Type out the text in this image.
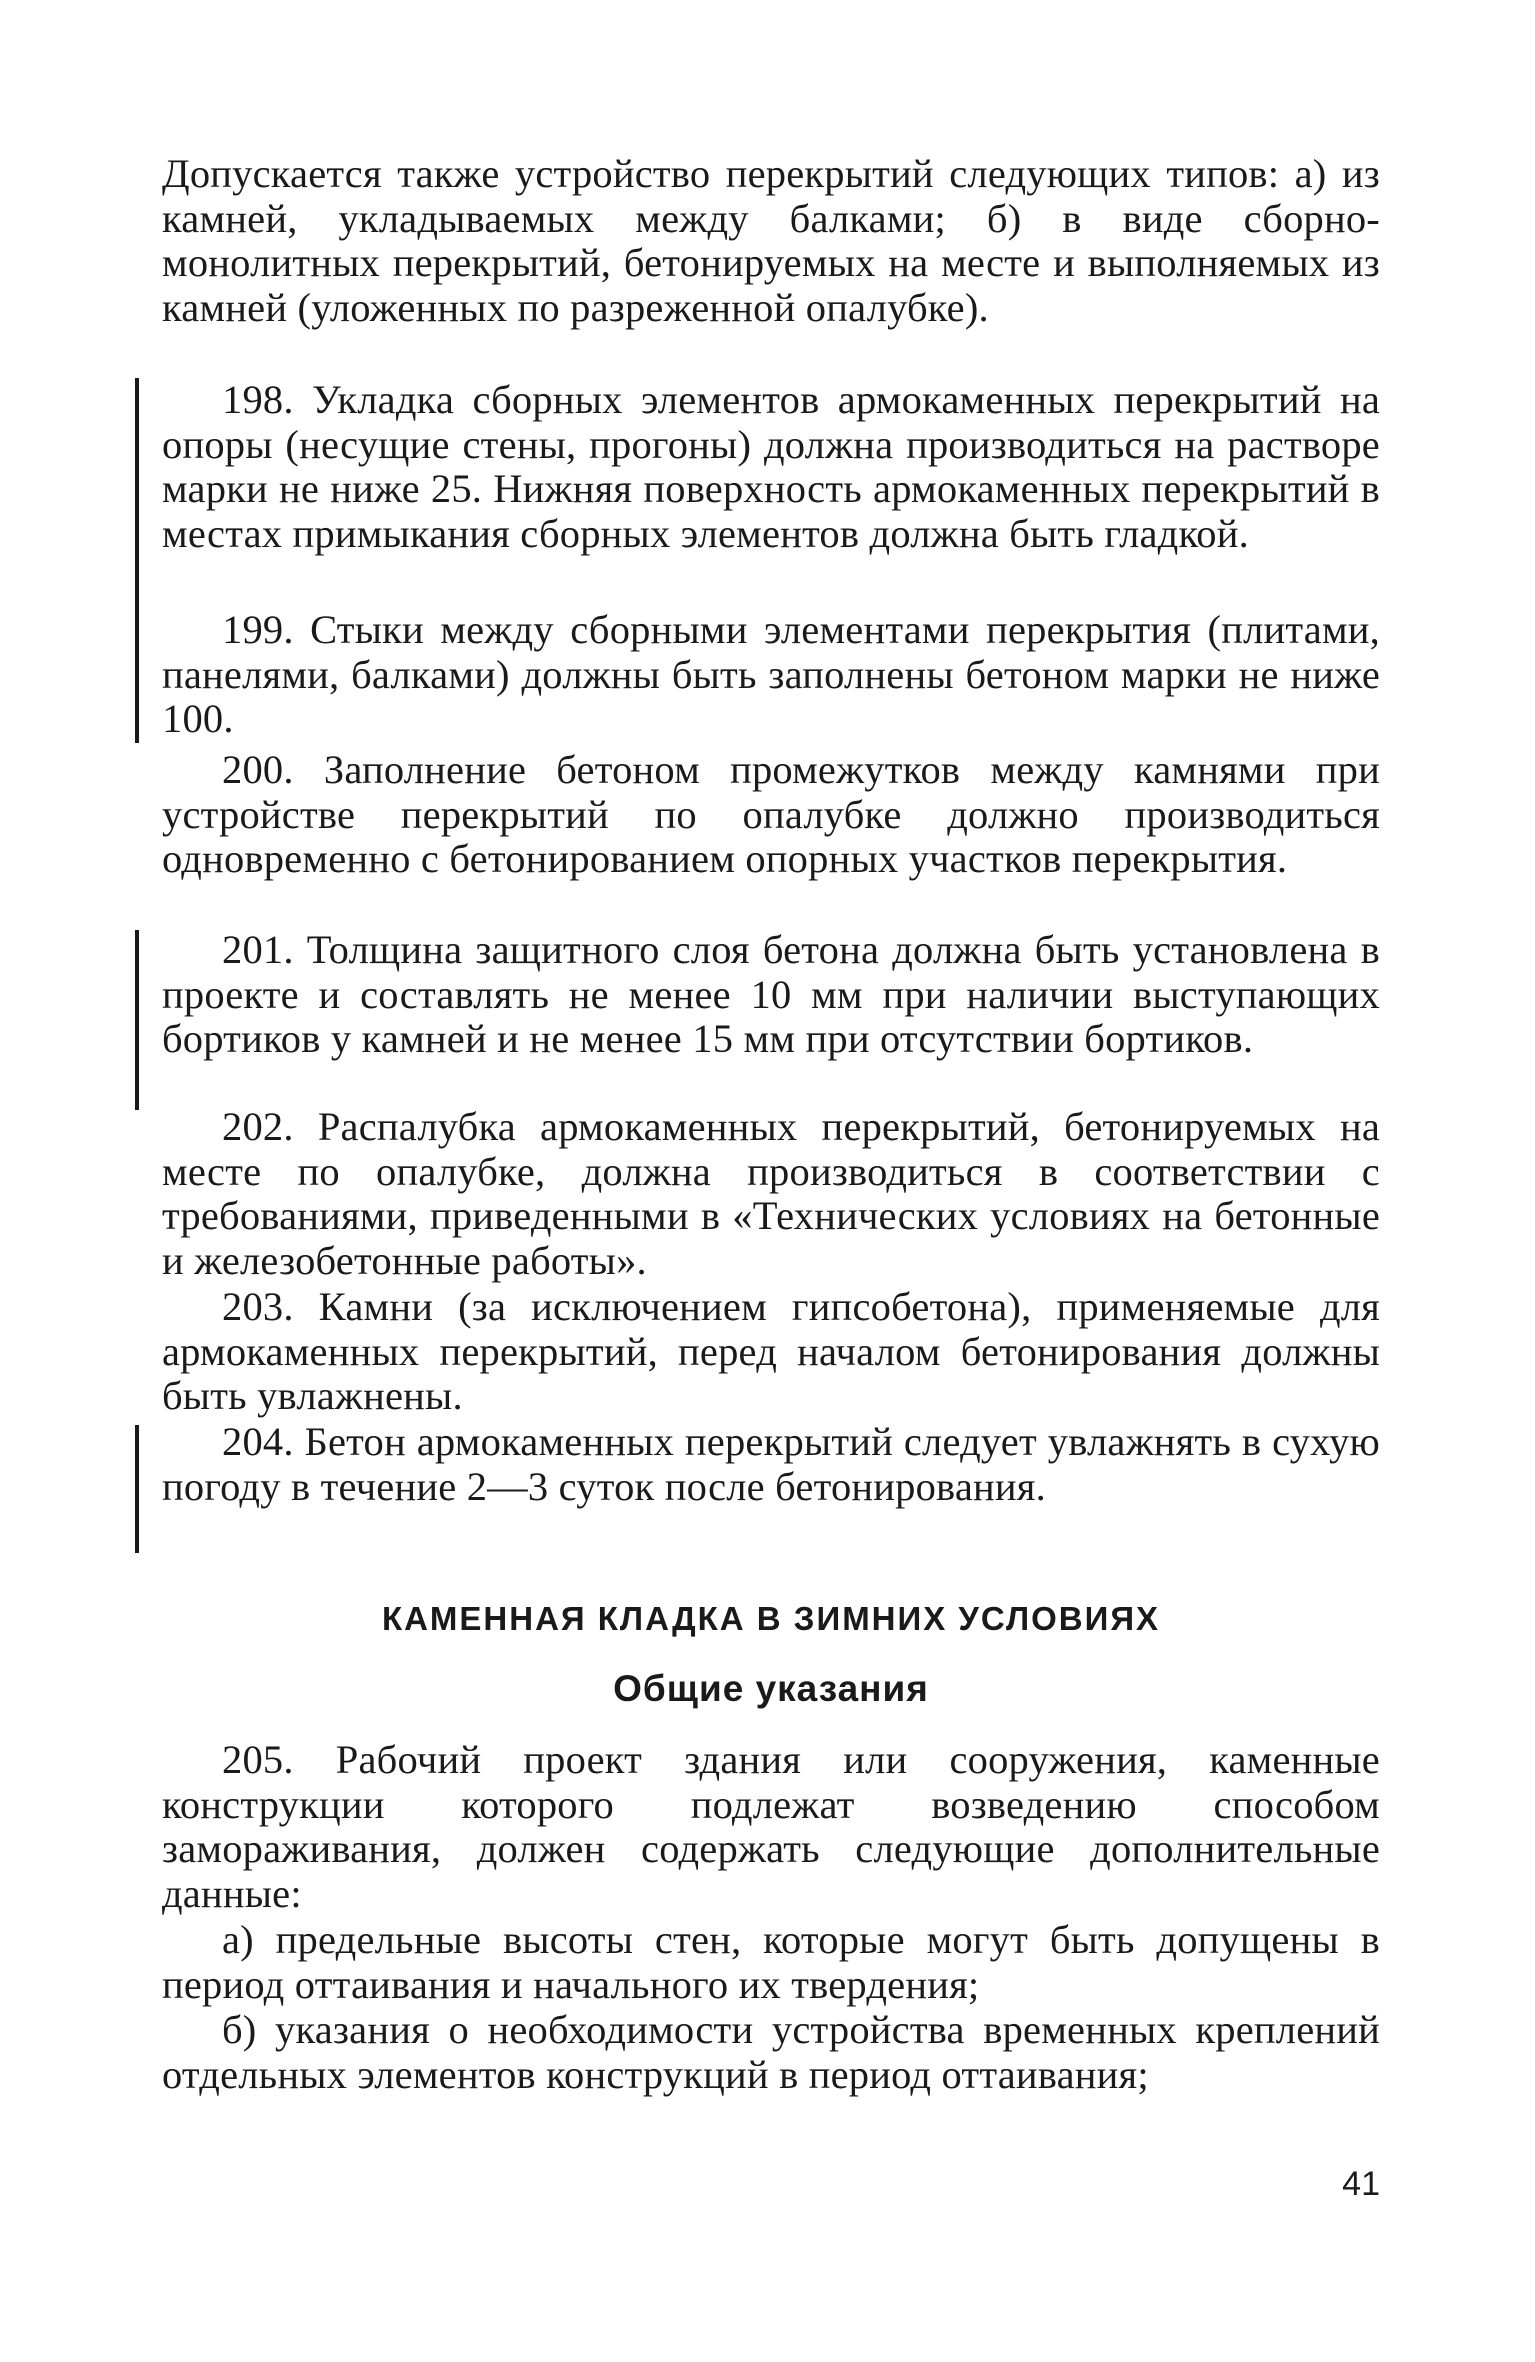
Допускается также устройство перекрытий следующих типов: а) из камней, укладываемых между балками; б) в виде сборно-монолитных перекрытий, бетонируемых на месте и выполняемых из камней (уложенных по разреженной опалубке).

198. Укладка сборных элементов армокаменных перекрытий на опоры (несущие стены, прогоны) должна производиться на растворе марки не ниже 25. Нижняя поверхность армокаменных перекрытий в местах примыкания сборных элементов должна быть гладкой.

199. Стыки между сборными элементами перекрытия (плитами, панелями, балками) должны быть заполнены бетоном марки не ниже 100.

200. Заполнение бетоном промежутков между камнями при устройстве перекрытий по опалубке должно производиться одновременно с бетонированием опорных участков перекрытия.

201. Толщина защитного слоя бетона должна быть установлена в проекте и составлять не менее 10 мм при наличии выступающих бортиков у камней и не менее 15 мм при отсутствии бортиков.

202. Распалубка армокаменных перекрытий, бетонируемых на месте по опалубке, должна производиться в соответствии с требованиями, приведенными в «Технических условиях на бетонные и железобетонные работы».

203. Камни (за исключением гипсобетона), применяемые для армокаменных перекрытий, перед началом бетонирования должны быть увлажнены.

204. Бетон армокаменных перекрытий следует увлажнять в сухую погоду в течение 2—3 суток после бетонирования.

КАМЕННАЯ КЛАДКА В ЗИМНИХ УСЛОВИЯХ
Общие указания

205. Рабочий проект здания или сооружения, каменные конструкции которого подлежат возведению способом замораживания, должен содержать следующие дополнительные данные:

а) предельные высоты стен, которые могут быть допущены в период оттаивания и начального их твердения;

б) указания о необходимости устройства временных креплений отдельных элементов конструкций в период оттаивания;

41
